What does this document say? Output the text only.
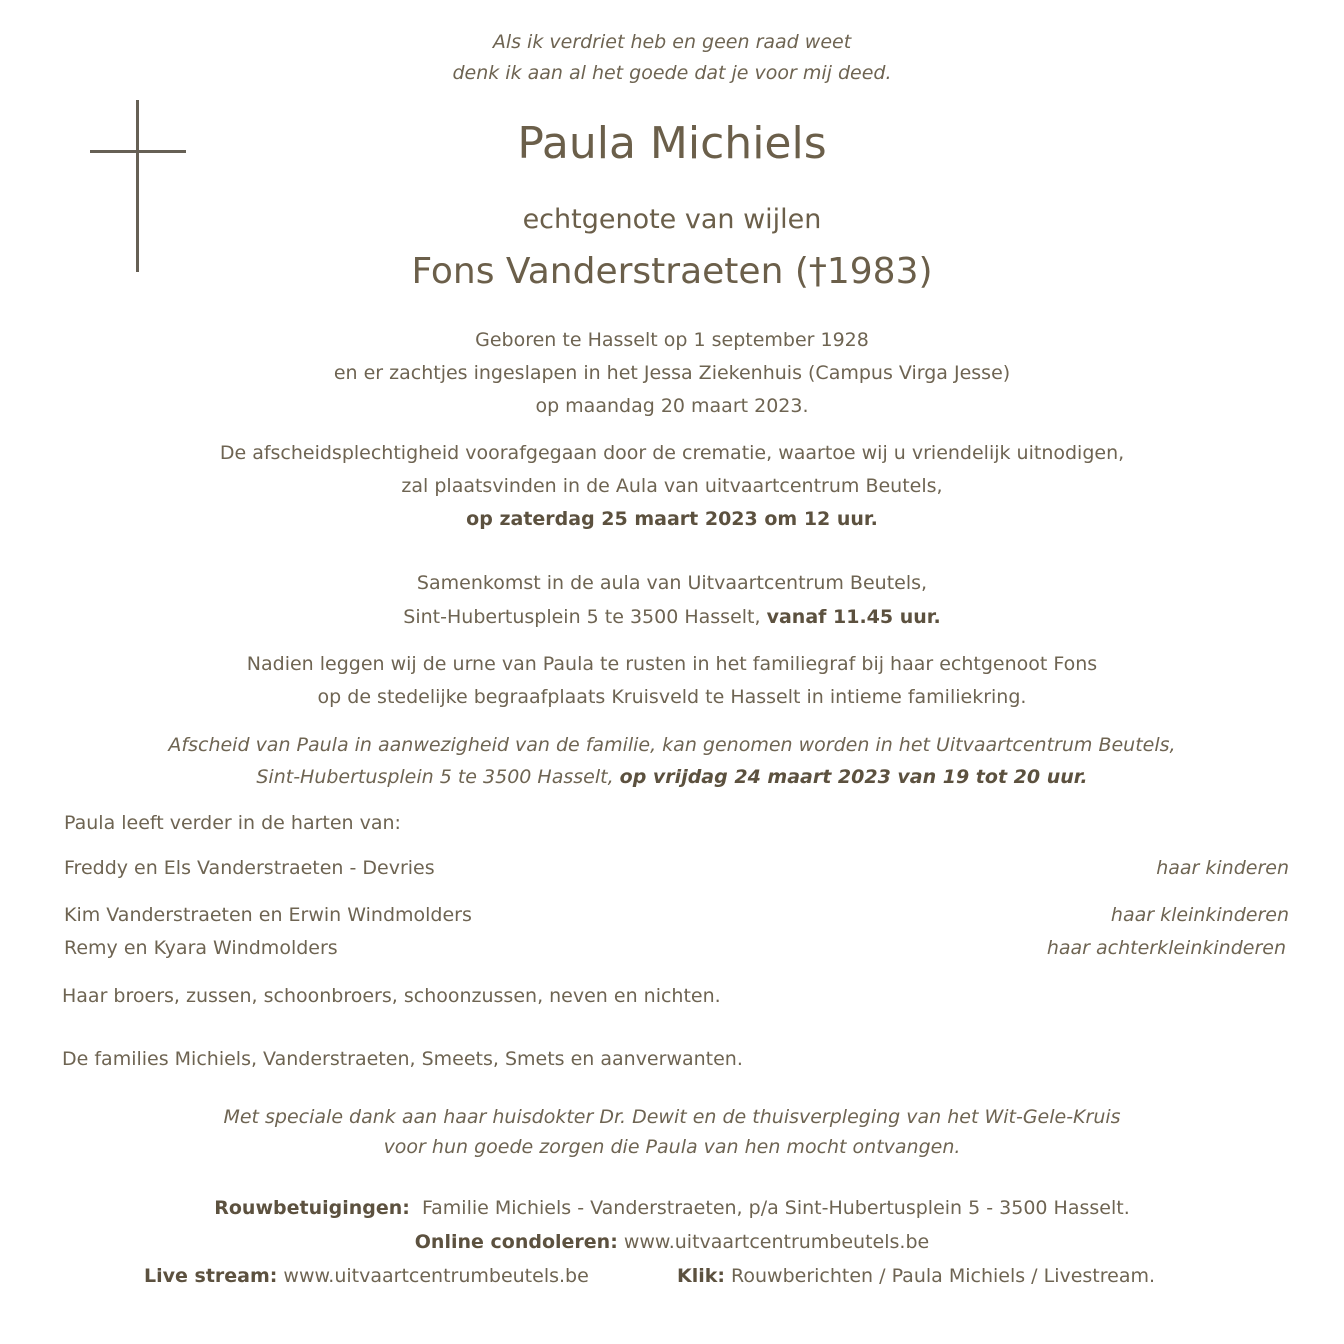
Als ik verdriet heb en geen raad weet
denk ik aan al het goede dat je voor mij deed.
Paula Michiels
echtgenote van wijlen
Fons Vanderstraeten (†1983)
Geboren te Hasselt op 1 september 1928
en er zachtjes ingeslapen in het Jessa Ziekenhuis (Campus Virga Jesse)
op maandag 20 maart 2023.
De afscheidsplechtigheid voorafgegaan door de crematie, waartoe wij u vriendelijk uitnodigen,
zal plaatsvinden in de Aula van uitvaartcentrum Beutels,
op zaterdag 25 maart 2023 om 12 uur.
Samenkomst in de aula van Uitvaartcentrum Beutels,
Sint-Hubertusplein 5 te 3500 Hasselt, vanaf 11.45 uur.
Nadien leggen wij de urne van Paula te rusten in het familiegraf bij haar echtgenoot Fons
op de stedelijke begraafplaats Kruisveld te Hasselt in intieme familiekring.
Afscheid van Paula in aanwezigheid van de familie, kan genomen worden in het Uitvaartcentrum Beutels,
Sint-Hubertusplein 5 te 3500 Hasselt, op vrijdag 24 maart 2023 van 19 tot 20 uur.
Paula leeft verder in de harten van:
Freddy en Els Vanderstraeten - Devries	haar kinderen
Kim Vanderstraeten en Erwin Windmolders	haar kleinkinderen
Remy en Kyara Windmolders	haar achterkleinkinderen
Haar broers, zussen, schoonbroers, schoonzussen, neven en nichten.
De families Michiels, Vanderstraeten, Smeets, Smets en aanverwanten.
Met speciale dank aan haar huisdokter Dr. Dewit en de thuisverpleging van het Wit-Gele-Kruis
voor hun goede zorgen die Paula van hen mocht ontvangen.
Rouwbetuigingen: Familie Michiels - Vanderstraeten, p/a Sint-Hubertusplein 5 - 3500 Hasselt.
Online condoleren: www.uitvaartcentrumbeutels.be
Live stream: www.uitvaartcentrumbeutels.be	Klik: Rouwberichten / Paula Michiels / Livestream.
